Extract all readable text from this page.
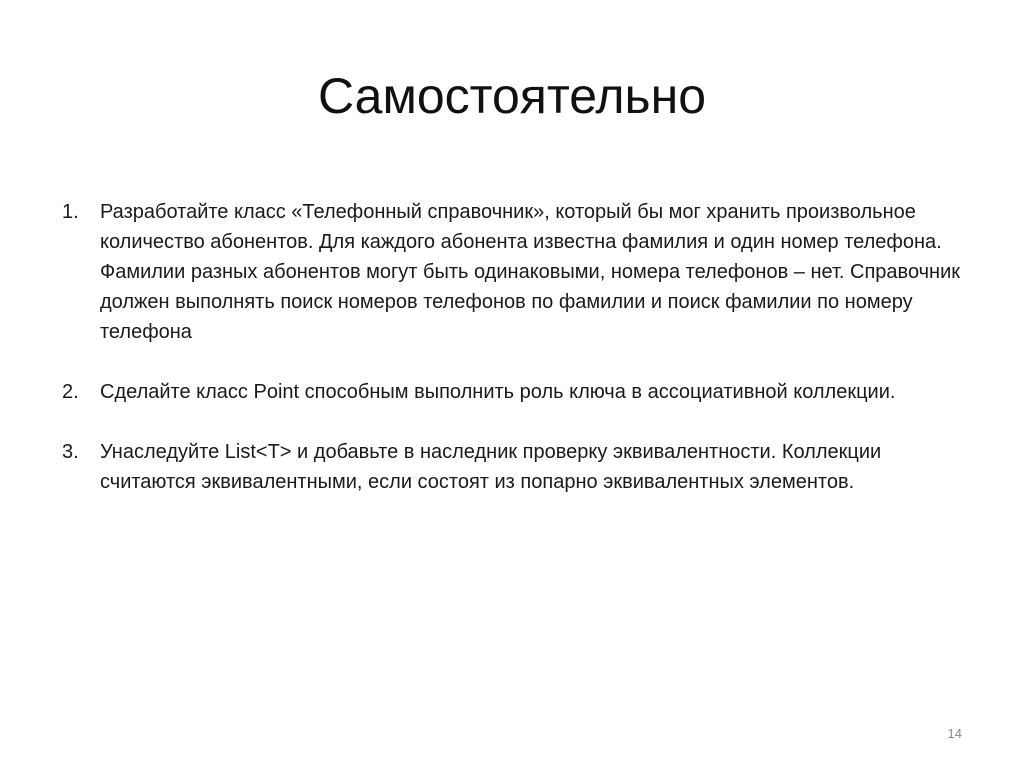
Самостоятельно
1. Разработайте класс «Телефонный справочник», который бы мог хранить произвольное количество абонентов. Для каждого абонента известна фамилия и один номер телефона. Фамилии разных абонентов могут быть одинаковыми, номера телефонов – нет. Справочник должен выполнять поиск номеров телефонов по фамилии и поиск фамилии по номеру телефона
2. Сделайте класс Point способным выполнить роль ключа в ассоциативной коллекции.
3. Унаследуйте List<T> и добавьте в наследник проверку эквивалентности. Коллекции считаются эквивалентными, если состоят из попарно эквивалентных элементов.
14
